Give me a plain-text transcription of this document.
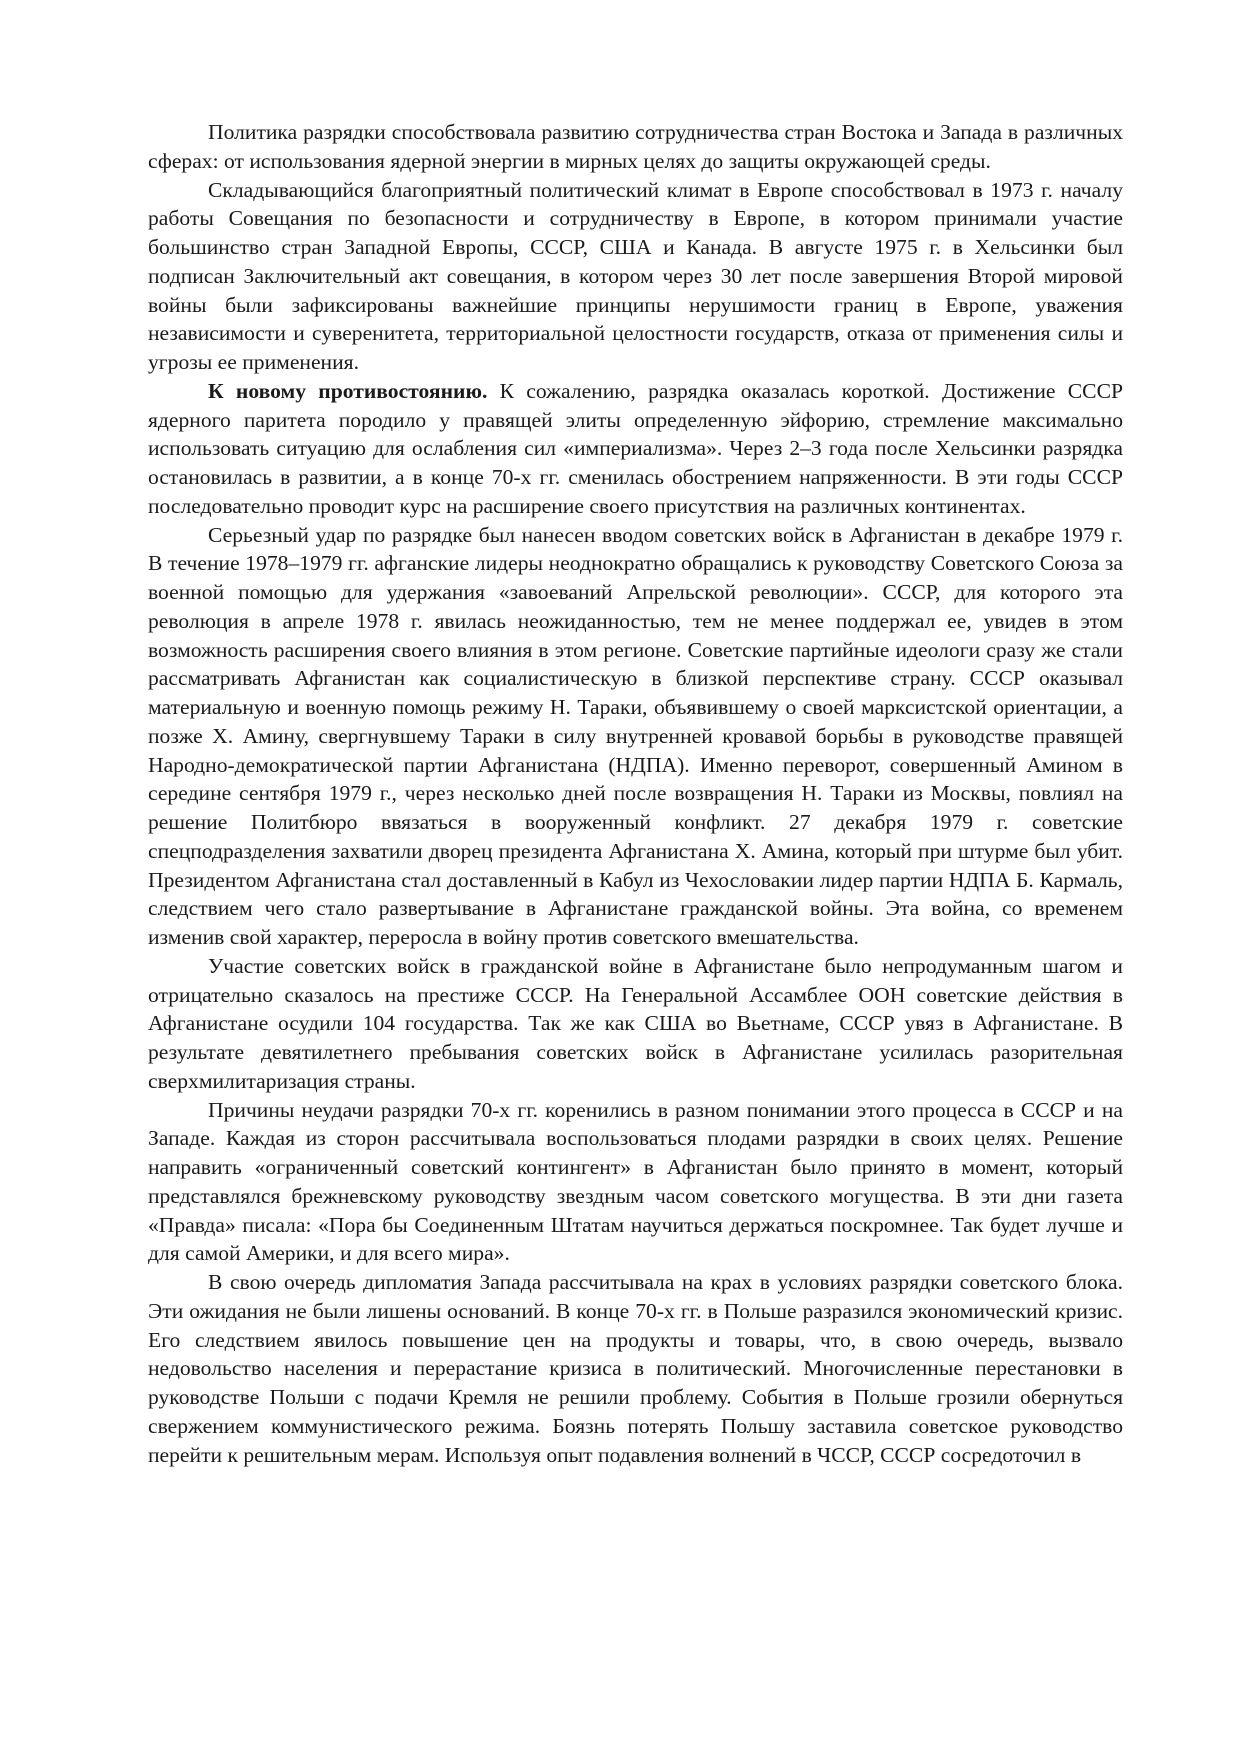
Политика разрядки способствовала развитию сотрудничества стран Востока и Запада в различных сферах: от использования ядерной энергии в мирных целях до защиты окружающей среды.

Складывающийся благоприятный политический климат в Европе способствовал в 1973 г. началу работы Совещания по безопасности и сотрудничеству в Европе, в котором принимали участие большинство стран Западной Европы, СССР, США и Канада. В августе 1975 г. в Хельсинки был подписан Заключительный акт совещания, в котором через 30 лет после завершения Второй мировой войны были зафиксированы важнейшие принципы нерушимости границ в Европе, уважения независимости и суверенитета, территориальной целостности государств, отказа от применения силы и угрозы ее применения.

К новому противостоянию. К сожалению, разрядка оказалась короткой. Достижение СССР ядерного паритета породило у правящей элиты определенную эйфорию, стремление максимально использовать ситуацию для ослабления сил «империализма». Через 2–3 года после Хельсинки разрядка остановилась в развитии, а в конце 70-х гг. сменилась обострением напряженности. В эти годы СССР последовательно проводит курс на расширение своего присутствия на различных континентах.

Серьезный удар по разрядке был нанесен вводом советских войск в Афганистан в декабре 1979 г. В течение 1978–1979 гг. афганские лидеры неоднократно обращались к руководству Советского Союза за военной помощью для удержания «завоеваний Апрельской революции». СССР, для которого эта революция в апреле 1978 г. явилась неожиданностью, тем не менее поддержал ее, увидев в этом возможность расширения своего влияния в этом регионе. Советские партийные идеологи сразу же стали рассматривать Афганистан как социалистическую в близкой перспективе страну. СССР оказывал материальную и военную помощь режиму Н. Тараки, объявившему о своей марксистской ориентации, а позже Х. Амину, свергнувшему Тараки в силу внутренней кровавой борьбы в руководстве правящей Народно-демократической партии Афганистана (НДПА). Именно переворот, совершенный Амином в середине сентября 1979 г., через несколько дней после возвращения Н. Тараки из Москвы, повлиял на решение Политбюро ввязаться в вооруженный конфликт. 27 декабря 1979 г. советские спецподразделения захватили дворец президента Афганистана Х. Амина, который при штурме был убит. Президентом Афганистана стал доставленный в Кабул из Чехословакии лидер партии НДПА Б. Кармаль, следствием чего стало развертывание в Афганистане гражданской войны. Эта война, со временем изменив свой характер, переросла в войну против советского вмешательства.

Участие советских войск в гражданской войне в Афганистане было непродуманным шагом и отрицательно сказалось на престиже СССР. На Генеральной Ассамблее ООН советские действия в Афганистане осудили 104 государства. Так же как США во Вьетнаме, СССР увяз в Афганистане. В результате девятилетнего пребывания советских войск в Афганистане усилилась разорительная сверхмилитаризация страны.

Причины неудачи разрядки 70-х гг. коренились в разном понимании этого процесса в СССР и на Западе. Каждая из сторон рассчитывала воспользоваться плодами разрядки в своих целях. Решение направить «ограниченный советский контингент» в Афганистан было принято в момент, который представлялся брежневскому руководству звездным часом советского могущества. В эти дни газета «Правда» писала: «Пора бы Соединенным Штатам научиться держаться поскромнее. Так будет лучше и для самой Америки, и для всего мира».

В свою очередь дипломатия Запада рассчитывала на крах в условиях разрядки советского блока. Эти ожидания не были лишены оснований. В конце 70-х гг. в Польше разразился экономический кризис. Его следствием явилось повышение цен на продукты и товары, что, в свою очередь, вызвало недовольство населения и перерастание кризиса в политический. Многочисленные перестановки в руководстве Польши с подачи Кремля не решили проблему. События в Польше грозили обернуться свержением коммунистического режима. Боязнь потерять Польшу заставила советское руководство перейти к решительным мерам. Используя опыт подавления волнений в ЧССР, СССР сосредоточил в
